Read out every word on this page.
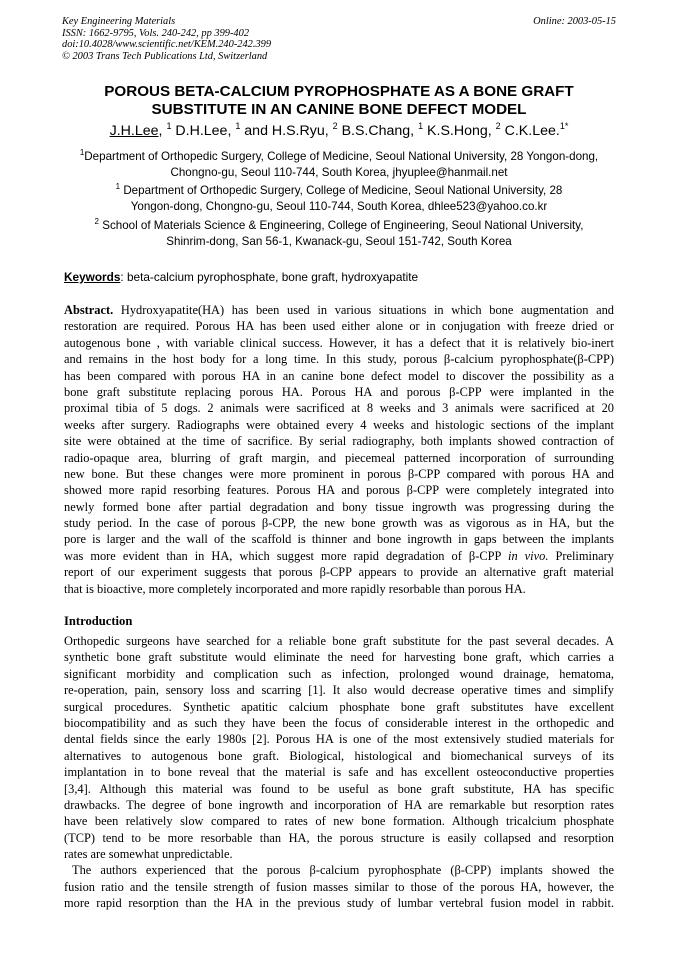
Key Engineering Materials
ISSN: 1662-9795, Vols. 240-242, pp 399-402
doi:10.4028/www.scientific.net/KEM.240-242.399
© 2003 Trans Tech Publications Ltd, Switzerland
Online: 2003-05-15
POROUS BETA-CALCIUM PYROPHOSPHATE AS A BONE GRAFT
SUBSTITUTE IN AN CANINE BONE DEFECT MODEL
J.H.Lee, $^1$ D.H.Lee, $^1$ and H.S.Ryu, $^2$ B.S.Chang, $^1$ K.S.Hong, $^2$ C.K.Lee.$^{1*}$
$^1$Department of Orthopedic Surgery, College of Medicine, Seoul National University, 28 Yongon-dong,
Chongno-gu, Seoul 110-744, South Korea, jhyuplee@hanmail.net
$^1$ Department of Orthopedic Surgery, College of Medicine, Seoul National University, 28
Yongon-dong, Chongno-gu, Seoul 110-744, South Korea, dhlee523@yahoo.co.kr
$^2$ School of Materials Science & Engineering, College of Engineering, Seoul National University,
Shinrim-dong, San 56-1, Kwanack-gu, Seoul 151-742, South Korea
Keywords: beta-calcium pyrophosphate, bone graft, hydroxyapatite
Abstract. Hydroxyapatite(HA) has been used in various situations in which bone augmentation and
restoration are required. Porous HA has been used either alone or in conjugation with freeze dried or
autogenous bone , with variable clinical success. However, it has a defect that it is relatively bio-inert
and remains in the host body for a long time. In this study, porous β-calcium pyrophosphate(β-CPP)
has been compared with porous HA in an canine bone defect model to discover the possibility as a
bone graft substitute replacing porous HA. Porous HA and porous β-CPP were implanted in the
proximal tibia of 5 dogs. 2 animals were sacrificed at 8 weeks and 3 animals were sacrificed at 20
weeks after surgery. Radiographs were obtained every 4 weeks and histologic sections of the implant
site were obtained at the time of sacrifice. By serial radiography, both implants showed contraction of
radio-opaque area, blurring of graft margin, and piecemeal patterned incorporation of surrounding
new bone. But these changes were more prominent in porous β-CPP compared with porous HA and
showed more rapid resorbing features. Porous HA and porous β-CPP were completely integrated into
newly formed bone after partial degradation and bony tissue ingrowth was progressing during the
study period. In the case of porous β-CPP, the new bone growth was as vigorous as in HA, but the
pore is larger and the wall of the scaffold is thinner and bone ingrowth in gaps between the implants
was more evident than in HA, which suggest more rapid degradation of β-CPP in vivo. Preliminary
report of our experiment suggests that porous β-CPP appears to provide an alternative graft material
that is bioactive, more completely incorporated and more rapidly resorbable than porous HA.
Introduction
Orthopedic surgeons have searched for a reliable bone graft substitute for the past several decades. A
synthetic bone graft substitute would eliminate the need for harvesting bone graft, which carries a
significant morbidity and complication such as infection, prolonged wound drainage, hematoma,
re-operation, pain, sensory loss and scarring [1]. It also would decrease operative times and simplify
surgical procedures. Synthetic apatitic calcium phosphate bone graft substitutes have excellent
biocompatibility and as such they have been the focus of considerable interest in the orthopedic and
dental fields since the early 1980s [2]. Porous HA is one of the most extensively studied materials for
alternatives to autogenous bone graft. Biological, histological and biomechanical surveys of its
implantation in to bone reveal that the material is safe and has excellent osteoconductive properties
[3,4]. Although this material was found to be useful as bone graft substitute, HA has specific
drawbacks. The degree of bone ingrowth and incorporation of HA are remarkable but resorption rates
have been relatively slow compared to rates of new bone formation. Although tricalcium phosphate
(TCP) tend to be more resorbable than HA, the porous structure is easily collapsed and resorption
rates are somewhat unpredictable.
The authors experienced that the porous β-calcium pyrophosphate (β-CPP) implants showed the
fusion ratio and the tensile strength of fusion masses similar to those of the porous HA, however, the
more rapid resorption than the HA in the previous study of lumbar vertebral fusion model in rabbit.
